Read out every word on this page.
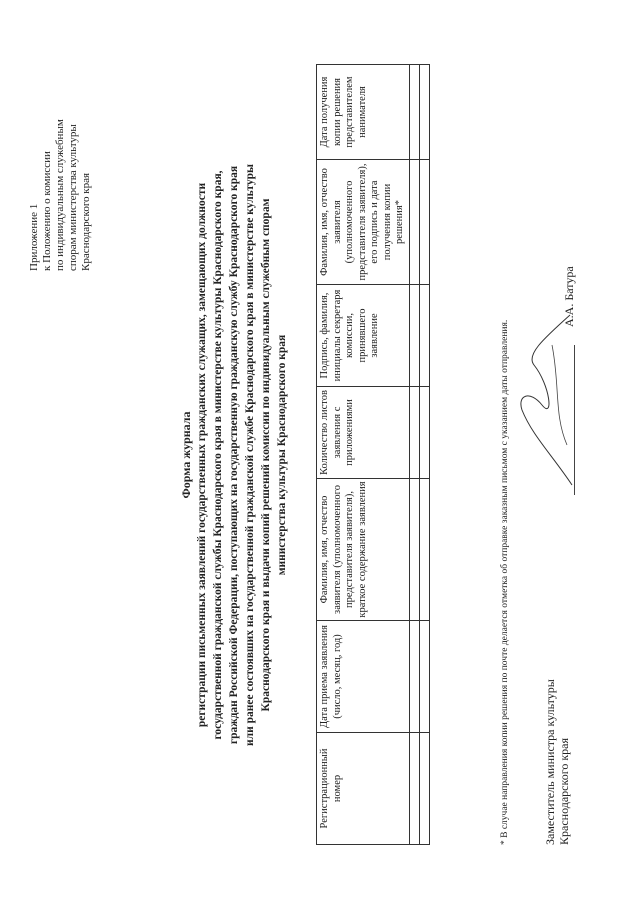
Приложение 1 к Положению о комиссии по индивидуальным служебным спорам министерства культуры Краснодарского края
Форма журнала регистрации письменных заявлений государственных гражданских служащих, замещающих должности государственной гражданской службы Краснодарского края в министерстве культуры Краснодарского края, граждан Российской Федерации, поступающих на государственную гражданскую службу Краснодарского края или ранее состоявших на государственной гражданской службе Краснодарского края в министерстве культуры Краснодарского края и выдачи копий решений комиссии по индивидуальным служебным спорам министерства культуры Краснодарского края
Регистрационный номер	Дата приема заявления (число, месяц, год)	Фамилия, имя, отчество заявителя (уполномоченного представителя заявителя), краткое содержание заявления	Количество листов заявления с приложениями	Подпись, фамилия, инициалы секретаря комиссии, принявшего заявление	Фамилия, имя, отчество заявителя (уполномоченного представителя заявителя), его подпись и дата получения копии решения*	Дата получения копии решения представителем нанимателя

* В случае направления копии решения по почте делается отметка об отправке заказным письмом с указанием даты отправления.	Заместитель министра культуры Краснодарского края
А.А. Батура
